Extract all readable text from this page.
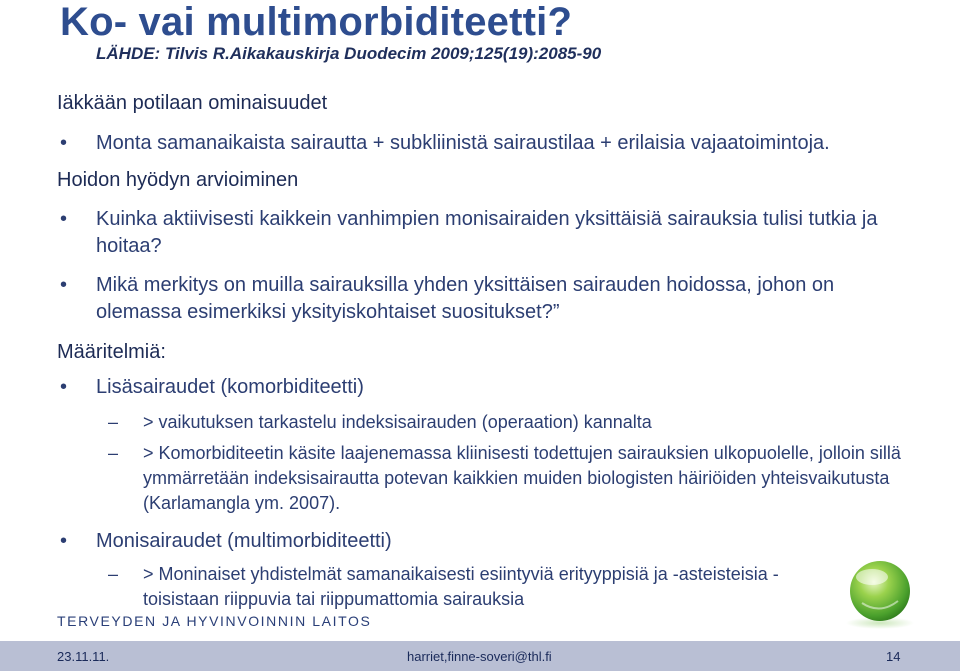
Ko- vai multimorbiditeetti?
LÄHDE: Tilvis R.Aikakauskirja Duodecim 2009;125(19):2085-90
Iäkkään potilaan ominaisuudet
• Monta samanaikaista sairautta + subkliinistä sairaustilaa + erilaisia vajaatoimintoja.
Hoidon hyödyn arvioiminen
• Kuinka aktiivisesti kaikkein vanhimpien monisairaiden yksittäisiä sairauksia tulisi tutkia ja hoitaa?
• Mikä merkitys on muilla sairauksilla yhden yksittäisen sairauden hoidossa, johon on olemassa esimerkiksi yksityiskohtaiset suositukset?”
Määritelmiä:
• Lisäsairaudet (komorbiditeetti)
– > vaikutuksen tarkastelu indeksisairauden (operaation) kannalta
– > Komorbiditeetin käsite laajenemassa kliinisesti todettujen sairauksien ulkopuolelle, jolloin sillä ymmärretään indeksisairautta potevan kaikkien muiden biologisten häiriöiden yhteisvaikutusta (Karlamangla ym. 2007).
• Monisairaudet (multimorbiditeetti)
– > Moninaiset yhdistelmät samanaikaisesti esiintyviä erityyppisiä ja -asteisteisia - toisistaan riippuvia tai riippumattomia sairauksia
TERVEYDEN JA HYVINVOINNIN LAITOS
23.11.11.	harriet,finne-soveri@thl.fi	14
